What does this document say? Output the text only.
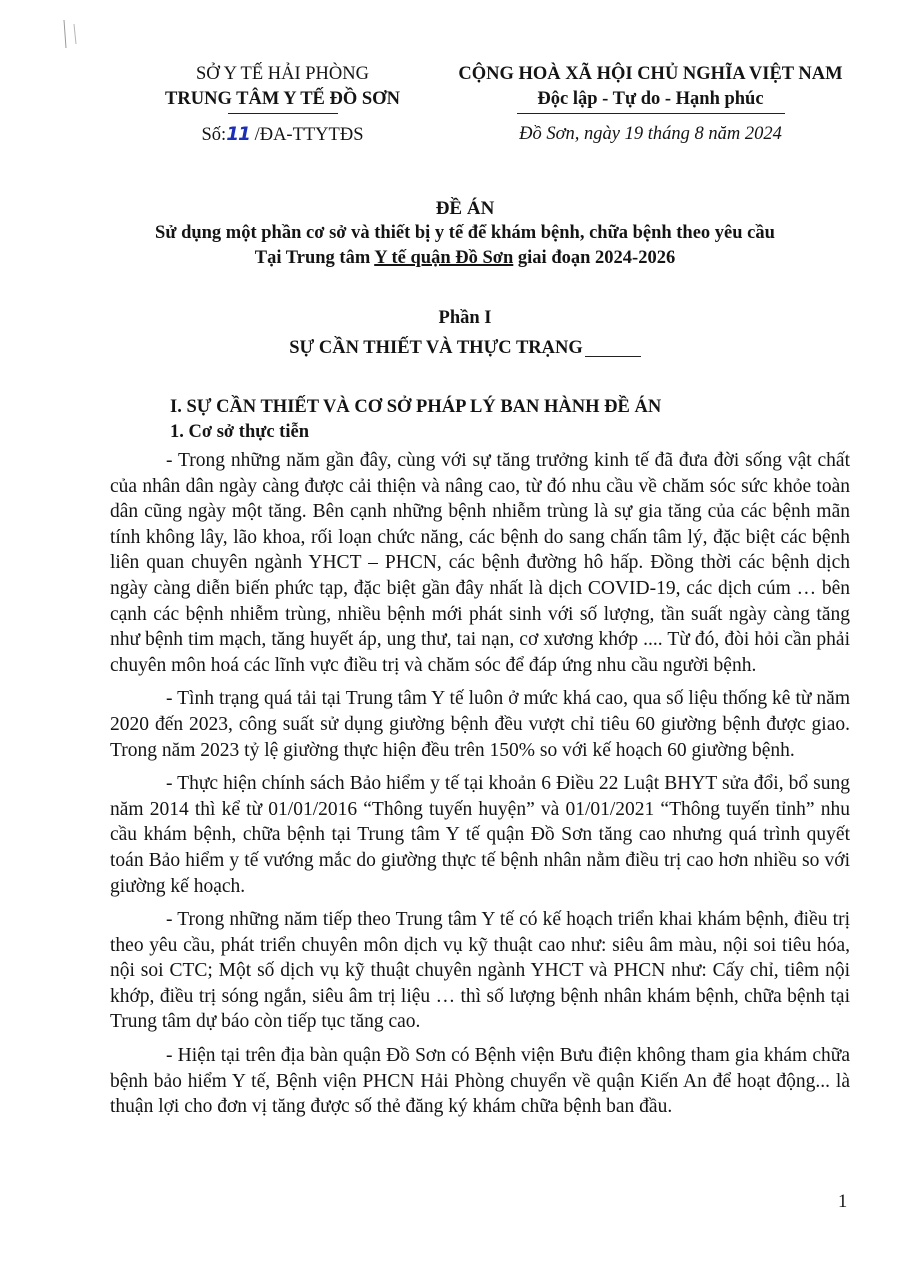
SỞ Y TẾ HẢI PHÒNG
TRUNG TÂM Y TẾ ĐỒ SƠN
Số:11 /ĐA-TTYTĐS
CỘNG HOÀ XÃ HỘI CHỦ NGHĨA VIỆT NAM
Độc lập - Tự do - Hạnh phúc
Đồ Sơn, ngày 19 tháng 8 năm 2024
ĐỀ ÁN
Sử dụng một phần cơ sở và thiết bị y tế để khám bệnh, chữa bệnh theo yêu cầu
Tại Trung tâm Y tế quận Đồ Sơn giai đoạn 2024-2026
Phần I
SỰ CẦN THIẾT VÀ THỰC TRẠNG
I. SỰ CẦN THIẾT VÀ CƠ SỞ PHÁP LÝ BAN HÀNH ĐỀ ÁN
1. Cơ sở thực tiễn

- Trong những năm gần đây, cùng với sự tăng trưởng kinh tế đã đưa đời sống vật chất của nhân dân ngày càng được cải thiện và nâng cao, từ đó nhu cầu về chăm sóc sức khỏe toàn dân cũng ngày một tăng. Bên cạnh những bệnh nhiễm trùng là sự gia tăng của các bệnh mãn tính không lây, lão khoa, rối loạn chức năng, các bệnh do sang chấn tâm lý, đặc biệt các bệnh liên quan chuyên ngành YHCT – PHCN, các bệnh đường hô hấp. Đồng thời các bệnh dịch ngày càng diễn biến phức tạp, đặc biệt gần đây nhất là dịch COVID-19, các dịch cúm … bên cạnh các bệnh nhiễm trùng, nhiều bệnh mới phát sinh với số lượng, tần suất ngày càng tăng như bệnh tim mạch, tăng huyết áp, ung thư, tai nạn, cơ xương khớp .... Từ đó, đòi hỏi cần phải chuyên môn hoá các lĩnh vực điều trị và chăm sóc để đáp ứng nhu cầu người bệnh.

- Tình trạng quá tải tại Trung tâm Y tế luôn ở mức khá cao, qua số liệu thống kê từ năm 2020 đến 2023, công suất sử dụng giường bệnh đều vượt chỉ tiêu 60 giường bệnh được giao. Trong năm 2023 tỷ lệ giường thực hiện đều trên 150% so với kế hoạch 60 giường bệnh.

- Thực hiện chính sách Bảo hiểm y tế tại khoản 6 Điều 22 Luật BHYT sửa đổi, bổ sung năm 2014 thì kể từ 01/01/2016 “Thông tuyến huyện” và 01/01/2021 “Thông tuyến tỉnh” nhu cầu khám bệnh, chữa bệnh tại Trung tâm Y tế quận Đồ Sơn tăng cao nhưng quá trình quyết toán Bảo hiểm y tế vướng mắc do giường thực tế bệnh nhân nằm điều trị cao hơn nhiều so với giường kế hoạch.

- Trong những năm tiếp theo Trung tâm Y tế có kế hoạch triển khai khám bệnh, điều trị theo yêu cầu, phát triển chuyên môn dịch vụ kỹ thuật cao như: siêu âm màu, nội soi tiêu hóa, nội soi CTC; Một số dịch vụ kỹ thuật chuyên ngành YHCT và PHCN như: Cấy chỉ, tiêm nội khớp, điều trị sóng ngắn, siêu âm trị liệu … thì số lượng bệnh nhân khám bệnh, chữa bệnh tại Trung tâm dự báo còn tiếp tục tăng cao.

- Hiện tại trên địa bàn quận Đồ Sơn có Bệnh viện Bưu điện không tham gia khám chữa bệnh bảo hiểm Y tế, Bệnh viện PHCN Hải Phòng chuyển về quận Kiến An để hoạt động... là thuận lợi cho đơn vị tăng được số thẻ đăng ký khám chữa bệnh ban đầu.

1
